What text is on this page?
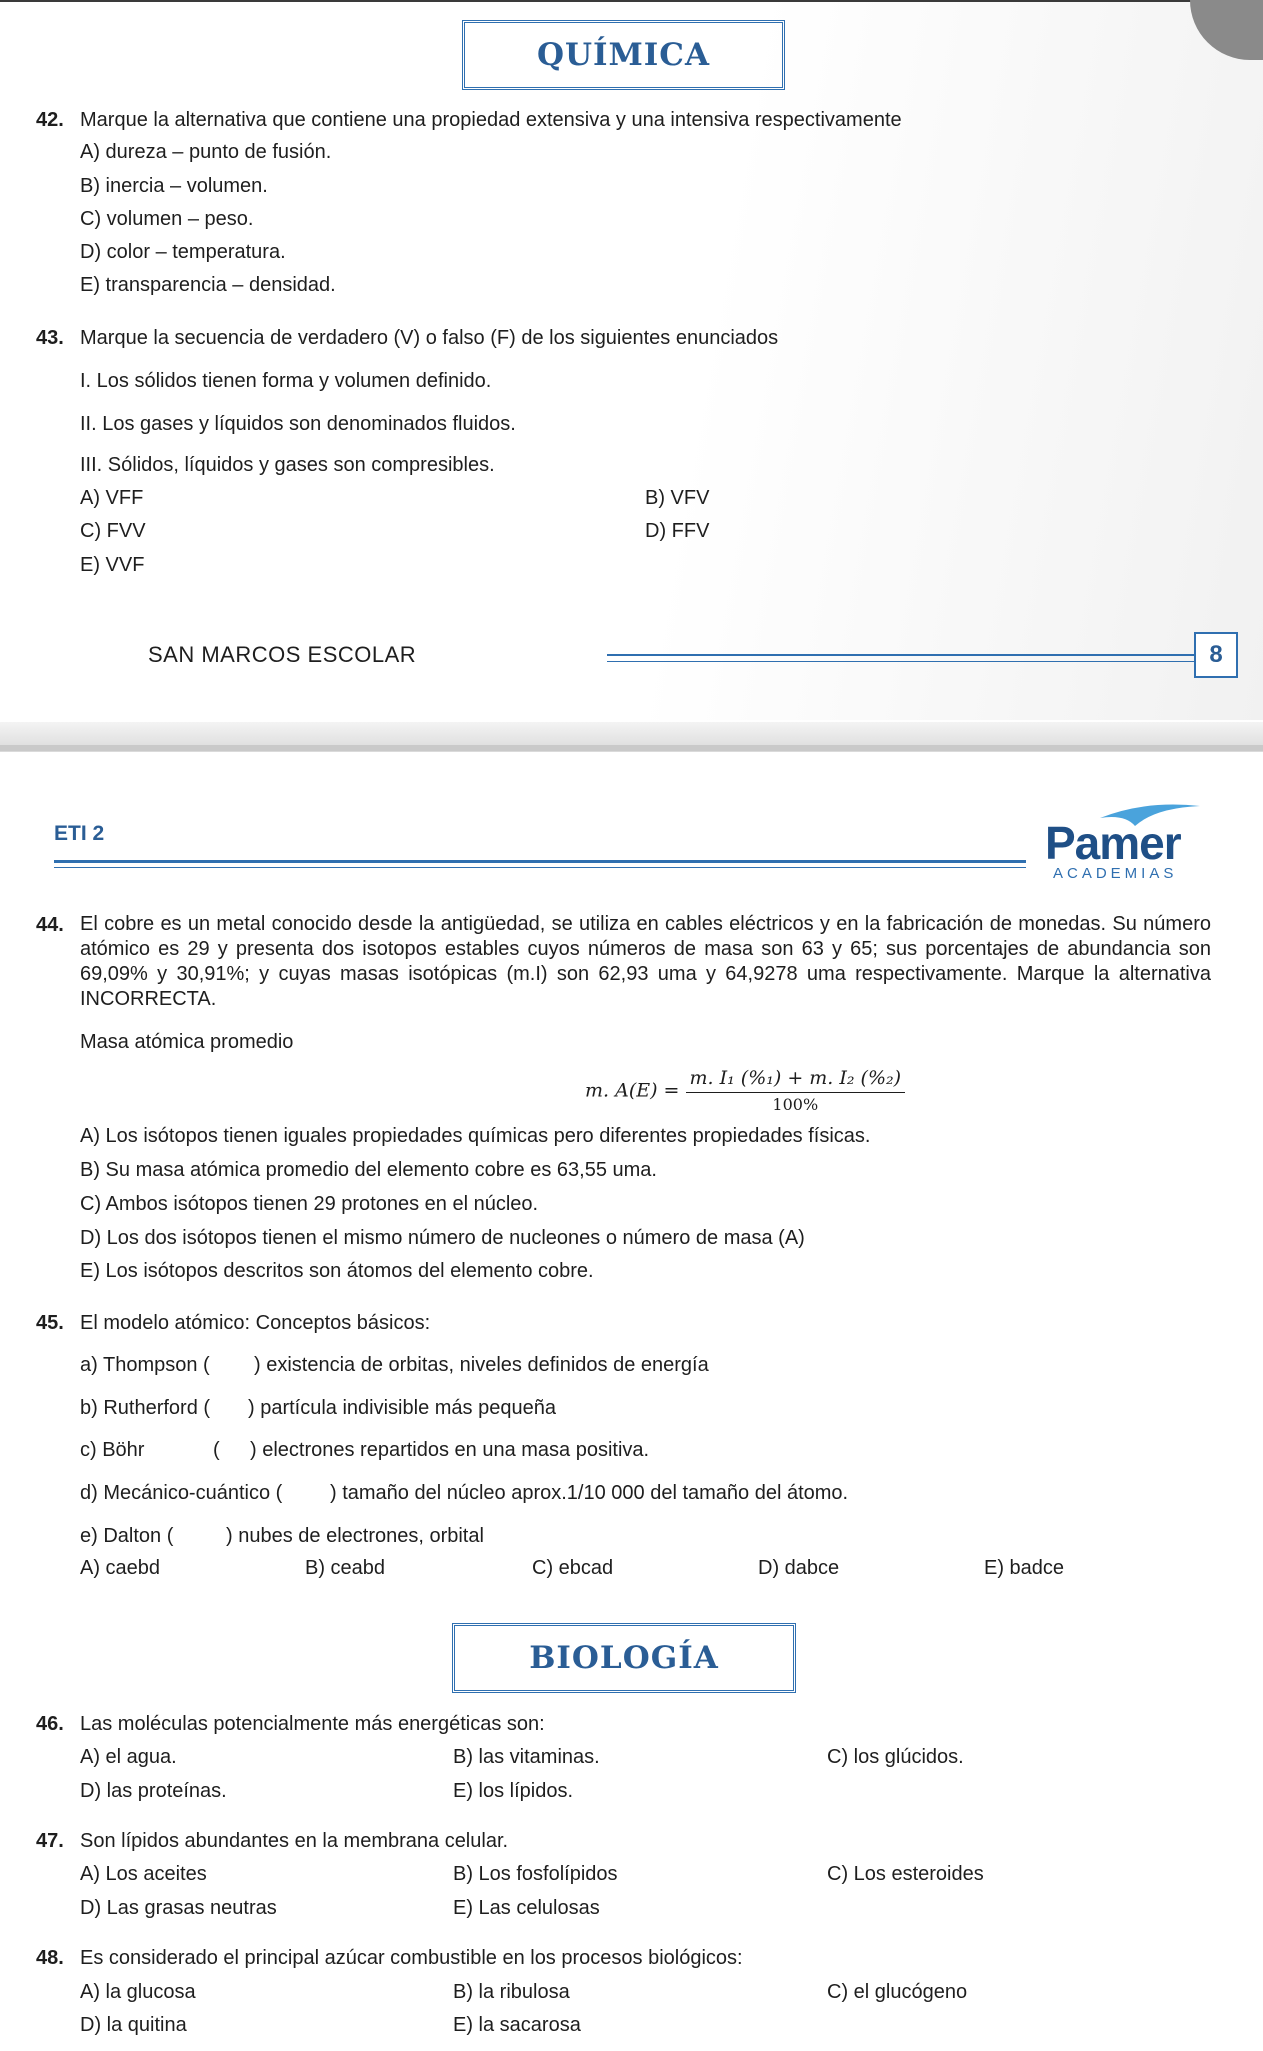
QUÍMICA
42. Marque la alternativa que contiene una propiedad extensiva y una intensiva respectivamente
A) dureza – punto de fusión.
B) inercia – volumen.
C) volumen – peso.
D) color – temperatura.
E) transparencia – densidad.
43. Marque la secuencia de verdadero (V) o falso (F) de los siguientes enunciados
I. Los sólidos tienen forma y volumen definido.
II. Los gases y líquidos son denominados fluidos.
III. Sólidos, líquidos y gases son compresibles.
A) VFF	B) VFV
C) FVV	D) FFV
E) VVF
SAN MARCOS ESCOLAR	8
ETI 2	Pamer
ACADEMIAS
44. El cobre es un metal conocido desde la antigüedad, se utiliza en cables eléctricos y en la fabricación de monedas. Su número atómico es 29 y presenta dos isotopos estables cuyos números de masa son 63 y 65; sus porcentajes de abundancia son 69,09% y 30,91%; y cuyas masas isotópicas (m.I) son 62,93 uma y 64,9278 uma respectivamente. Marque la alternativa INCORRECTA.
Masa atómica promedio
m. $A(E) = \frac{\text{m. I₁ (\%₁) + m. I₂ (\%₂)}}{100\%}$
A) Los isótopos tienen iguales propiedades químicas pero diferentes propiedades físicas.
B) Su masa atómica promedio del elemento cobre es 63,55 uma.
C) Ambos isótopos tienen 29 protones en el núcleo.
D) Los dos isótopos tienen el mismo número de nucleones o número de masa (A)
E) Los isótopos descritos son átomos del elemento cobre.
45. El modelo atómico: Conceptos básicos:
a) Thompson ( ) existencia de orbitas, niveles definidos de energía
b) Rutherford ( ) partícula indivisible más pequeña
c) Böhr	( ) electrones repartidos en una masa positiva.
d) Mecánico-cuántico ( ) tamaño del núcleo aprox.1/10 000 del tamaño del átomo.
e) Dalton (	) nubes de electrones, orbital
A) caebd	B) ceabd	C) ebcad	D) dabce	E) badce
BIOLOGÍA
46. Las moléculas potencialmente más energéticas son:
A) el agua.	B) las vitaminas.	C) los glúcidos.
D) las proteínas.	E) los lípidos.
47. Son lípidos abundantes en la membrana celular.
A) Los aceites	B) Los fosfolípidos	C) Los esteroides
D) Las grasas neutras	E) Las celulosas
48. Es considerado el principal azúcar combustible en los procesos biológicos:
A) la glucosa	B) la ribulosa	C) el glucógeno
D) la quitina	E) la sacarosa
